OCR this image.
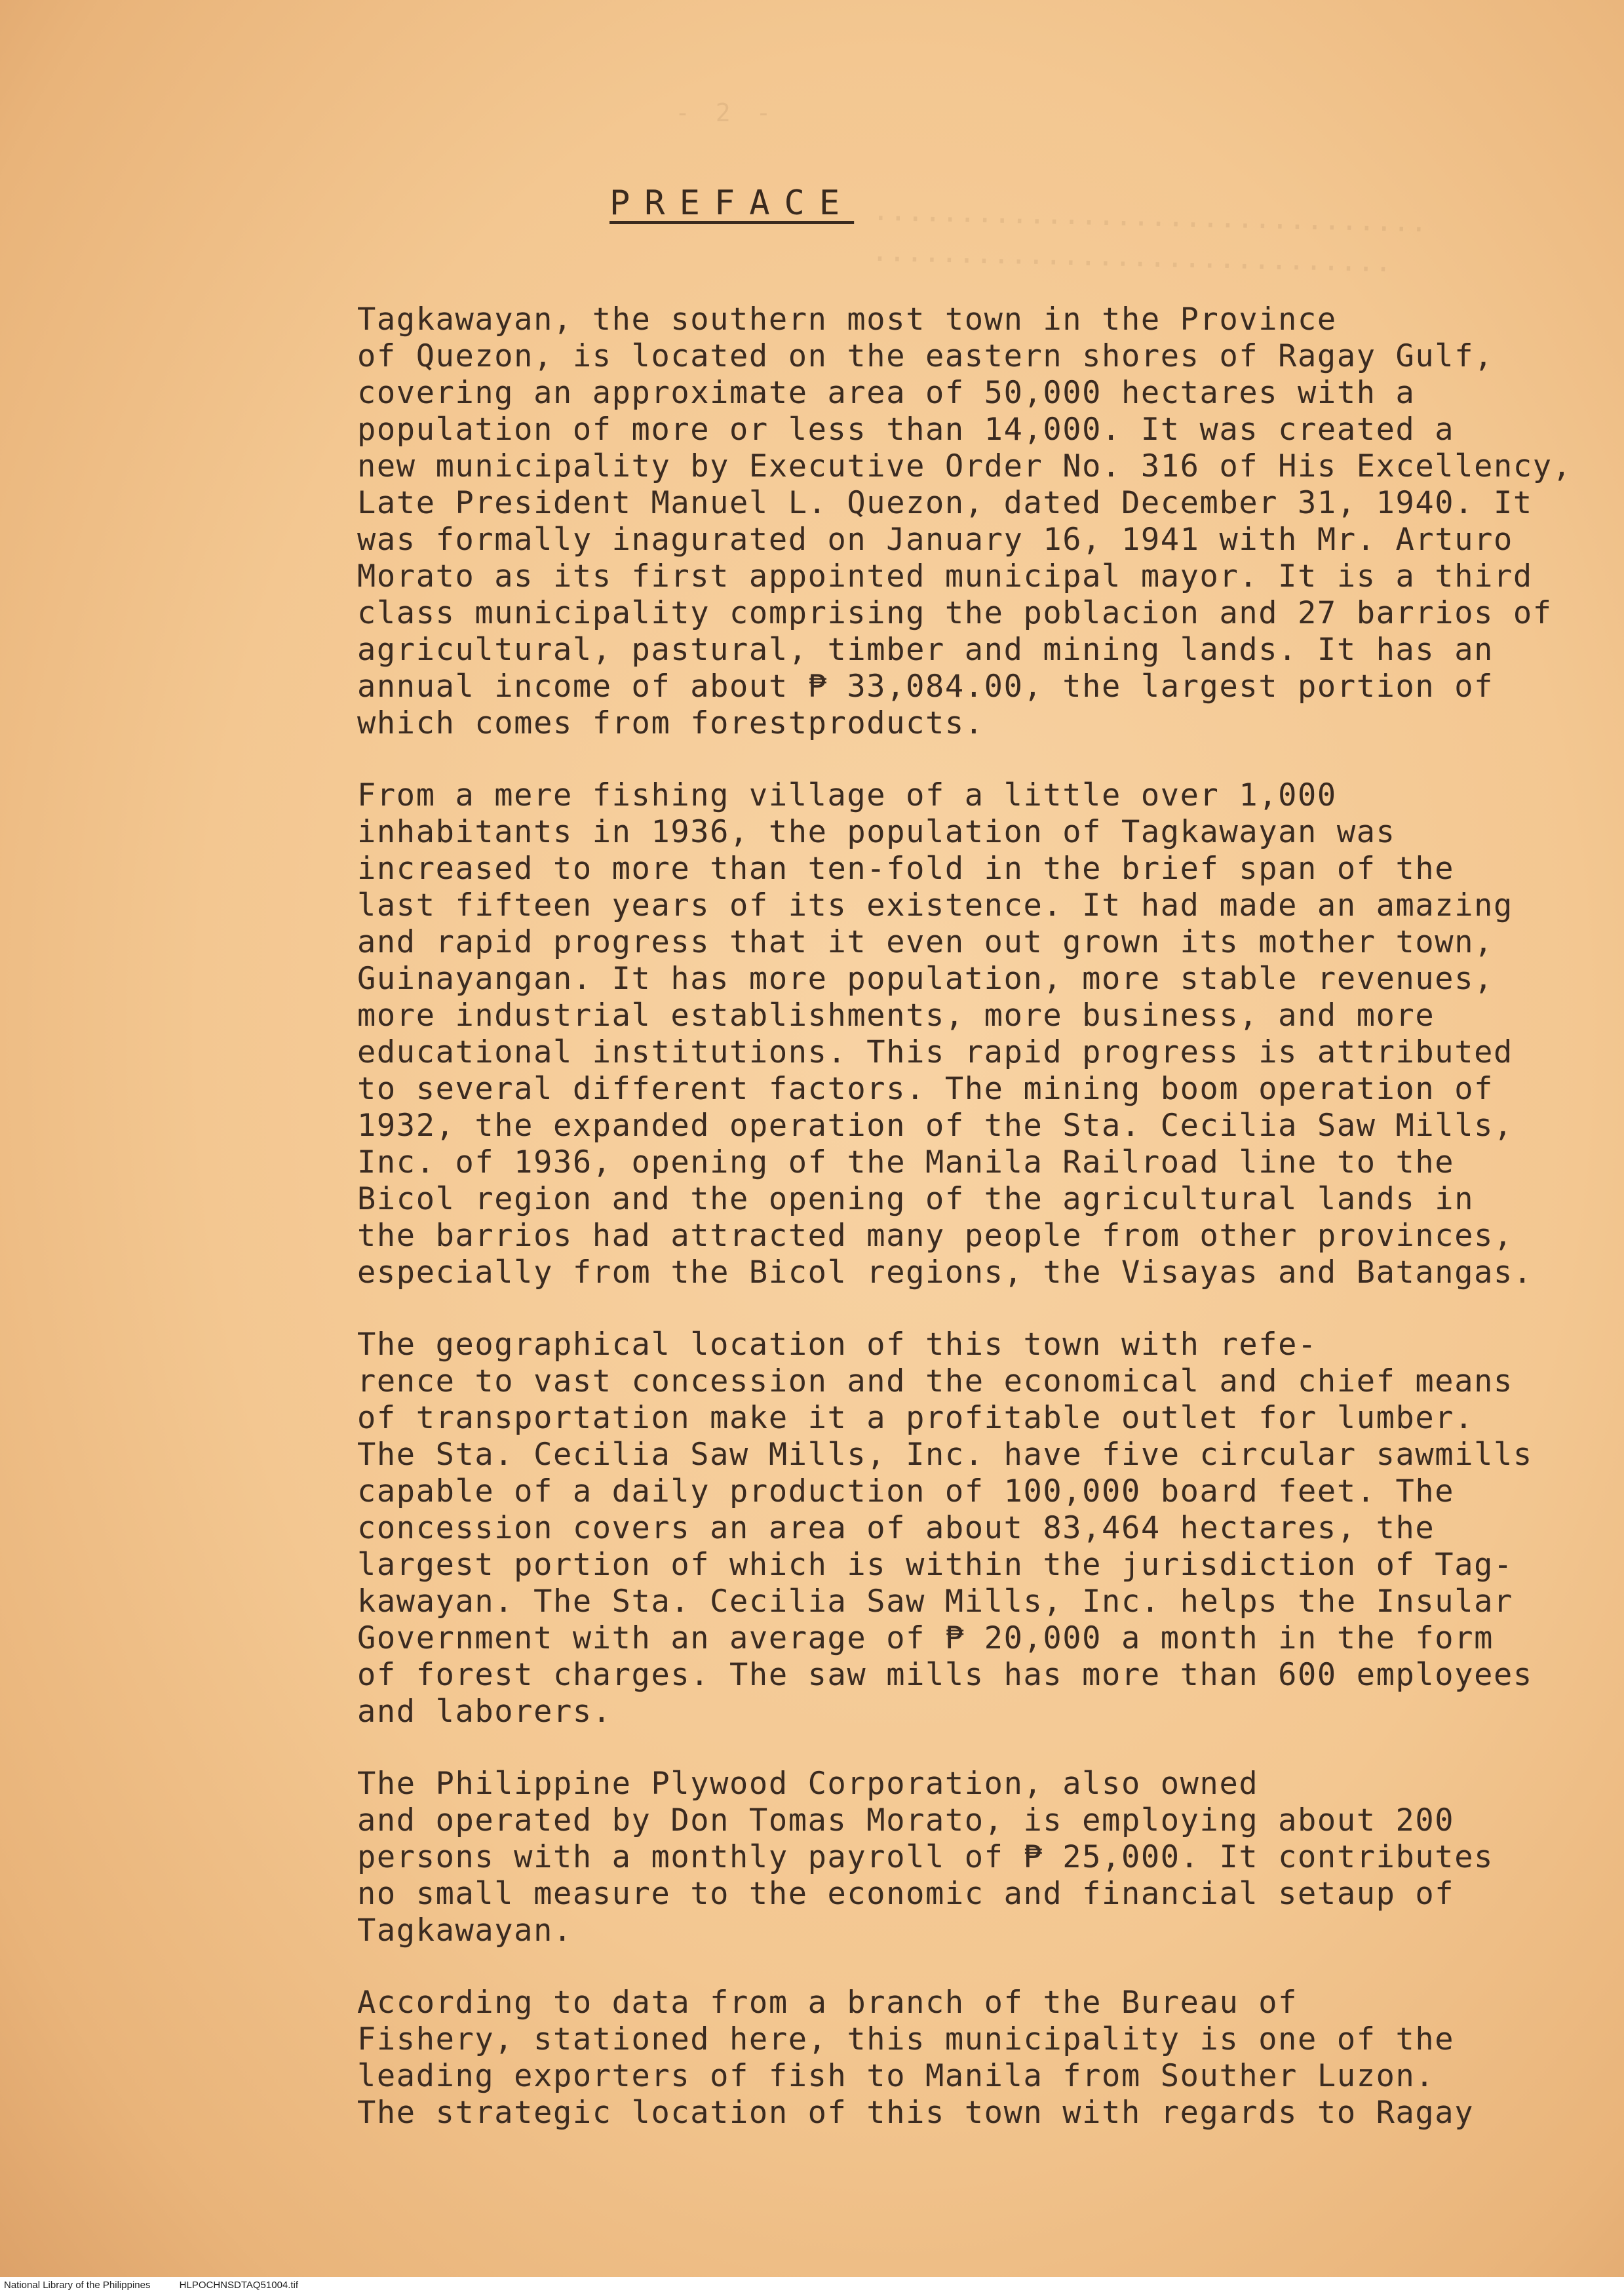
- 2 -
................................
..............................
PREFACE

Tagkawayan, the southern most town in the Province
of Quezon, is located on the eastern shores of Ragay Gulf,
covering an approximate area of 50,000 hectares with a
population of more or less than 14,000. It was created a
new municipality by Executive Order No. 316 of His Excellency,
Late President Manuel L. Quezon, dated December 31, 1940. It
was formally inagurated on January 16, 1941 with Mr. Arturo
Morato as its first appointed municipal mayor. It is a third
class municipality comprising the poblacion and 27 barrios of
agricultural, pastural, timber and mining lands. It has an
annual income of about ₱ 33,084.00, the largest portion of
which comes from forestproducts.

From a mere fishing village of a little over 1,000
inhabitants in 1936, the population of Tagkawayan was
increased to more than ten-fold in the brief span of the
last fifteen years of its existence. It had made an amazing
and rapid progress that it even out grown its mother town,
Guinayangan. It has more population, more stable revenues,
more industrial establishments, more business, and more
educational institutions. This rapid progress is attributed
to several different factors. The mining boom operation of
1932, the expanded operation of the Sta. Cecilia Saw Mills,
Inc. of 1936, opening of the Manila Railroad line to the
Bicol region and the opening of the agricultural lands in
the barrios had attracted many people from other provinces,
especially from the Bicol regions, the Visayas and Batangas.

The geographical location of this town with refe-
rence to vast concession and the economical and chief means
of transportation make it a profitable outlet for lumber.
The Sta. Cecilia Saw Mills, Inc. have five circular sawmills
capable of a daily production of 100,000 board feet. The
concession covers an area of about 83,464 hectares, the
largest portion of which is within the jurisdiction of Tag-
kawayan. The Sta. Cecilia Saw Mills, Inc. helps the Insular
Government with an average of ₱ 20,000 a month in the form
of forest charges. The saw mills has more than 600 employees
and laborers.

The Philippine Plywood Corporation, also owned
and operated by Don Tomas Morato, is employing about 200
persons with a monthly payroll of ₱ 25,000. It contributes
no small measure to the economic and financial setaup of
Tagkawayan.

According to data from a branch of the Bureau of
Fishery, stationed here, this municipality is one of the
leading exporters of fish to Manila from Souther Luzon.
The strategic location of this town with regards to Ragay

National Library of the Philippines	HLPOCHNSDTAQ51004.tif
